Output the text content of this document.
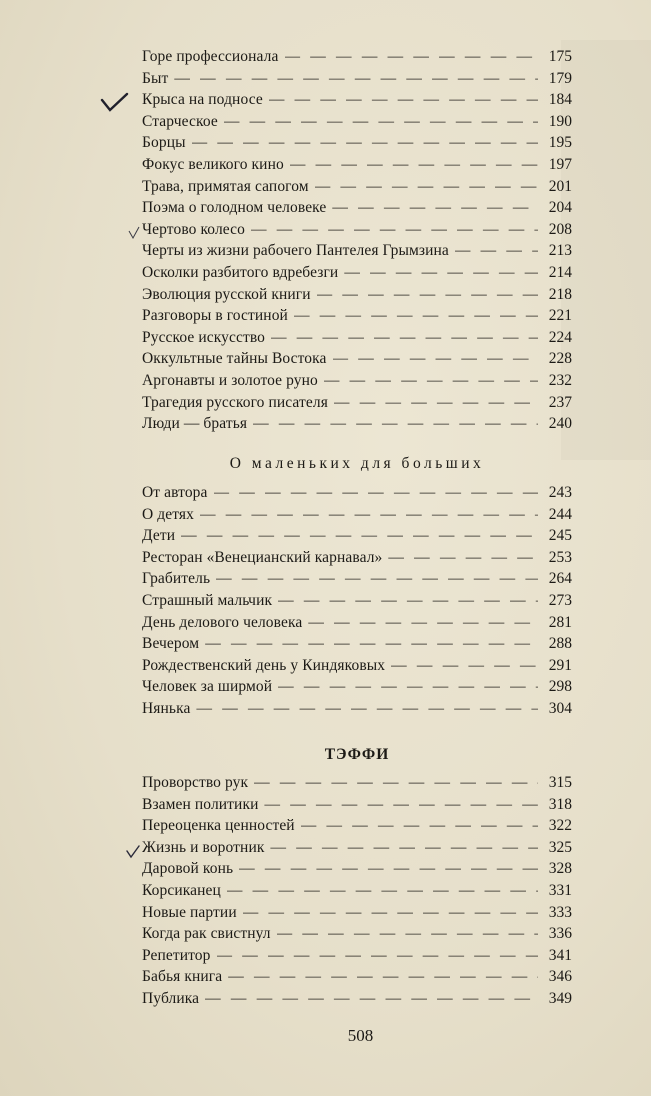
Горе профессионала — — —	175
Быт — — —	179
Крыса на подносе — — —	184
Старческое — — —	190
Борцы — — —	195
Фокус великого кино — — —	197
Трава, примятая сапогом — — —	201
Поэма о голодном человеке — — —	204
Чертово колесо — — —	208
Черты из жизни рабочего Пантелея Грымзина — — —	213
Осколки разбитого вдребезги — — —	214
Эволюция русской книги — — —	218
Разговоры в гостиной — — —	221
Русское искусство — — —	224
Оккультные тайны Востока — — —	228
Аргонавты и золотое руно — — —	232
Трагедия русского писателя — — —	237
Люди — братья — — —	240
О маленьких для больших
От автора — — —	243
О детях — — —	244
Дети — — —	245
Ресторан «Венецианский карнавал» — — —	253
Грабитель — — —	264
Страшный мальчик — — —	273
День делового человека — — —	281
Вечером — — —	288
Рождественский день у Киндяковых — — —	291
Человек за ширмой — — —	298
Нянька — — —	304
ТЭФФИ
Проворство рук — — —	315
Взамен политики — — —	318
Переоценка ценностей — — —	322
Жизнь и воротник — — —	325
Даровой конь — — —	328
Корсиканец — — —	331
Новые партии — — —	333
Когда рак свистнул — — —	336
Репетитор — — —	341
Бабья книга — — —	346
Публика — — —	349
508
